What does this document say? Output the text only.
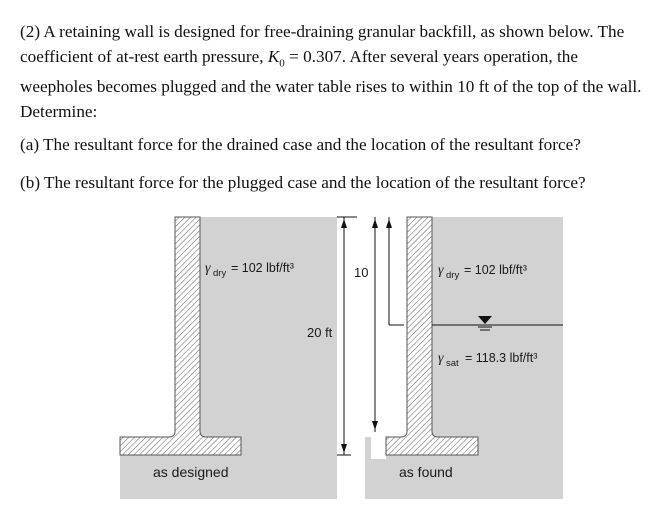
(2) A retaining wall is designed for free-draining granular backfill, as shown below. The coefficient of at-rest earth pressure, $K_0 = 0.307$. After several years operation, the weepholes becomes plugged and the water table rises to within 10 ft of the top of the wall. Determine:

(a) The resultant force for the drained case and the location of the resultant force?

(b) The resultant force for the plugged case and the location of the resultant force?

γ dry = 102 lbf/ft³
as designed
20 ft
10	γ dry = 102 lbf/ft³
γ sat = 118.3 lbf/ft³
as found
